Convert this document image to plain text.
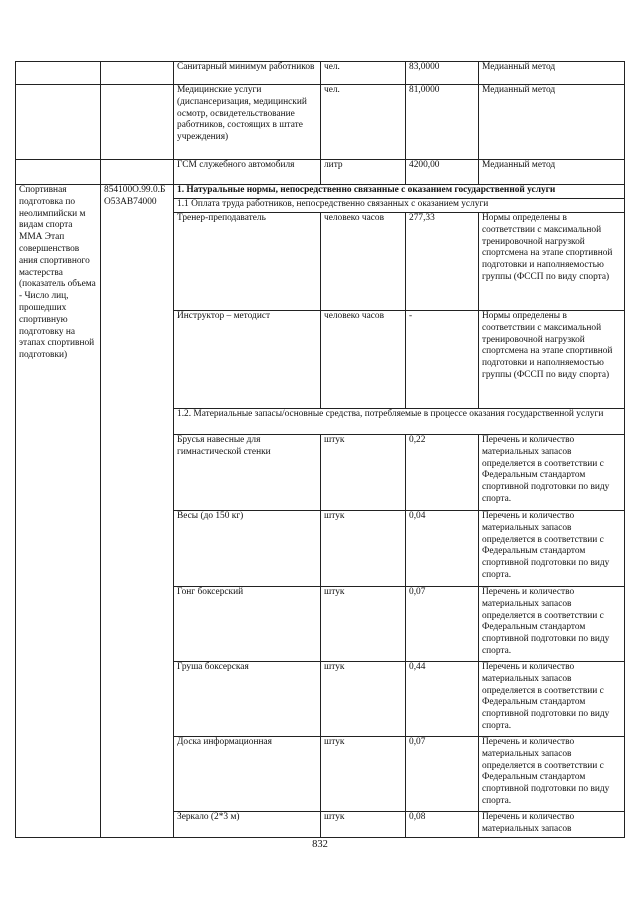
		Санитарный минимум работников	чел.	83,0000	Медианный метод
		Медицинские услуги (диспансеризация, медицинский осмотр, освидетельствование работников, состоящих в штате учреждения)	чел.	81,0000	Медианный метод
		ГСМ служебного автомобиля	литр	4200,00	Медианный метод
Спортивная подготовка по неолимпийски м видам спорта ММА Этап совершенствов ания спортивного мастерства (показатель объема - Число лиц, прошедших спортивную подготовку на этапах спортивной подготовки)	854100О.99.0.БО53АВ74000	1. Натуральные нормы, непосредственно связанные с оказанием государственной услуги			
		1.1 Оплата труда работников, непосредственно связанных с оказанием услуги			
		Тренер-преподаватель	человеко часов	277,33	Нормы определены в соответствии с максимальной тренировочной нагрузкой спортсмена на этапе спортивной подготовки и наполняемостью группы (ФССП по виду спорта)
		Инструктор – методист	человеко часов	-	Нормы определены в соответствии с максимальной тренировочной нагрузкой спортсмена на этапе спортивной подготовки и наполняемостью группы (ФССП по виду спорта)
		1.2. Материальные запасы/основные средства, потребляемые в процессе оказания государственной услуги			
		Брусья навесные для гимнастической стенки	штук	0,22	Перечень и количество материальных запасов определяется в соответствии с Федеральным стандартом спортивной подготовки по виду спорта.
		Весы (до 150 кг)	штук	0,04	Перечень и количество материальных запасов определяется в соответствии с Федеральным стандартом спортивной подготовки по виду спорта.
		Гонг боксерский	штук	0,07	Перечень и количество материальных запасов определяется в соответствии с Федеральным стандартом спортивной подготовки по виду спорта.
		Груша боксерская	штук	0,44	Перечень и количество материальных запасов определяется в соответствии с Федеральным стандартом спортивной подготовки по виду спорта.
		Доска информационная	штук	0,07	Перечень и количество материальных запасов определяется в соответствии с Федеральным стандартом спортивной подготовки по виду спорта.
		Зеркало (2*3 м)	штук	0,08	Перечень и количество материальных запасов
832
